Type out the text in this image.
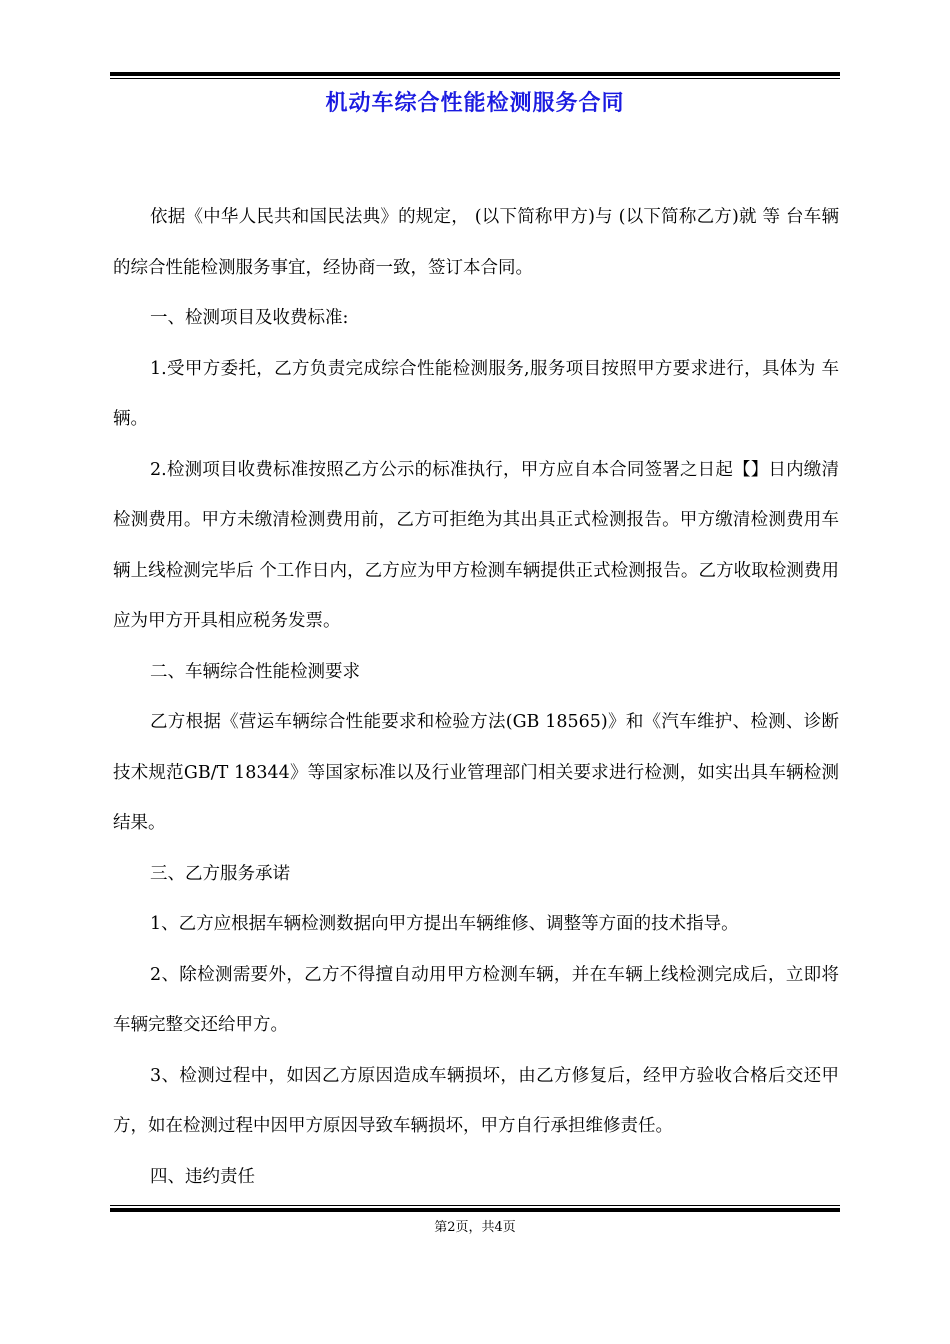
机动车综合性能检测服务合同

依据《中华人民共和国民法典》的规定， (以下简称甲方)与 (以下简称乙方)就 等 台车辆的综合性能检测服务事宜，经协商一致，签订本合同。

一、检测项目及收费标准:

1.受甲方委托，乙方负责完成综合性能检测服务,服务项目按照甲方要求进行，具体为 车辆。

2.检测项目收费标准按照乙方公示的标准执行，甲方应自本合同签署之日起【】日内缴清检测费用。甲方未缴清检测费用前，乙方可拒绝为其出具正式检测报告。甲方缴清检测费用车辆上线检测完毕后 个工作日内，乙方应为甲方检测车辆提供正式检测报告。乙方收取检测费用应为甲方开具相应税务发票。

二、车辆综合性能检测要求

乙方根据《营运车辆综合性能要求和检验方法(GB 18565)》和《汽车维护、检测、诊断技术规范GB/T 18344》等国家标准以及行业管理部门相关要求进行检测，如实出具车辆检测结果。

三、乙方服务承诺

1、乙方应根据车辆检测数据向甲方提出车辆维修、调整等方面的技术指导。

2、除检测需要外，乙方不得擅自动用甲方检测车辆，并在车辆上线检测完成后，立即将车辆完整交还给甲方。

3、检测过程中，如因乙方原因造成车辆损坏，由乙方修复后，经甲方验收合格后交还甲方，如在检测过程中因甲方原因导致车辆损坏，甲方自行承担维修责任。

四、违约责任

第2页，共4页
